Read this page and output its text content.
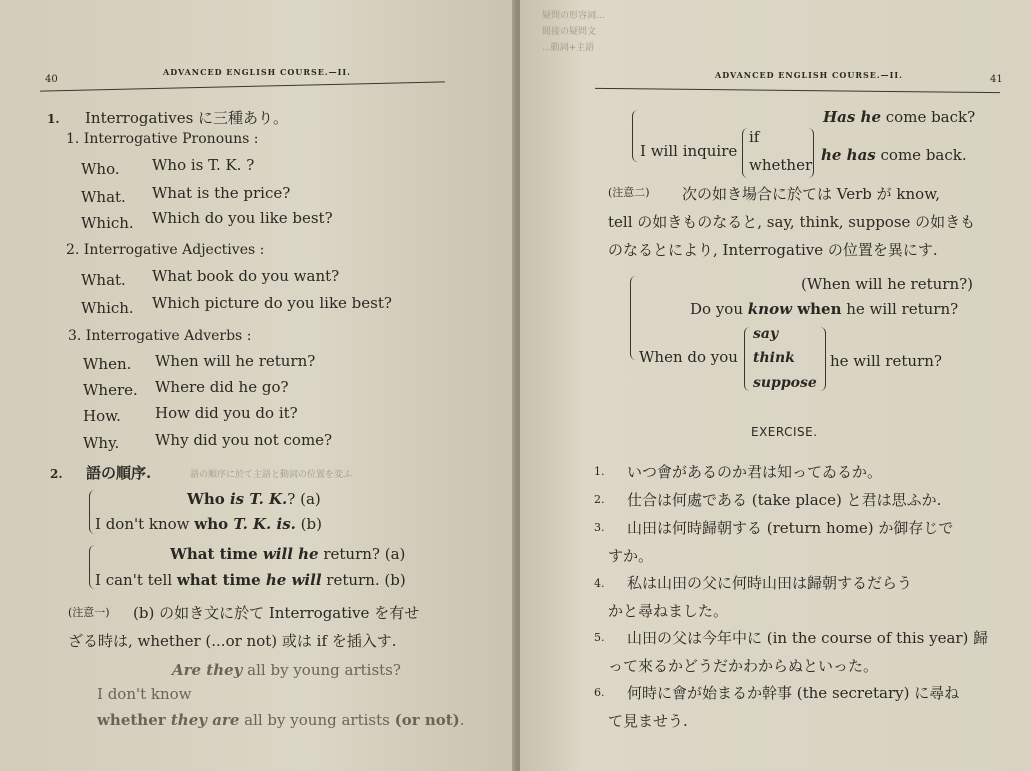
40
ADVANCED ENGLISH COURSE.—II.
1. Interrogatives に三種あり。
1. Interrogative Pronouns :
Who. Who is T. K. ?
What. What is the price?
Which. Which do you like best?
2. Interrogative Adjectives :
What. What book do you want?
Which. Which picture do you like best?
3. Interrogative Adverbs :
When. When will he return?
Where. Where did he go?
How. How did you do it?
Why. Why did you not come?
2. 語の順序.	語の順序に於て主語と動詞の位置を変ふ
Who is T. K.? (a)
I don't know who T. K. is. (b)
What time will he return? (a)
I can't tell what time he will return. (b)
(注意一) (b) の如き文に於て Interrogative を有せ
ざる時は, whether (...or not) 或は if を插入す.
Are they all by young artists?
I don't know
whether they are all by young artists (or not).
疑問の形容詞...
間接の疑問文
...動詞+主語
ADVANCED ENGLISH COURSE.—II.	41
Has he come back?
I will inquire
if
whether
he has come back.
(注意二) 次の如き場合に於ては Verb が know,
tell の如きものなると, say, think, suppose の如きも
のなるとにより, Interrogative の位置を異にす.
(When will he return?)
Do you know when he will return?
When do you
say
think
suppose
he will return?
EXERCISE.
1. いつ會があるのか君は知ってゐるか。
2. 仕合は何處である (take place) と君は思ふか.
3. 山田は何時歸朝する (return home) か御存じで
すか。
4. 私は山田の父に何時山田は歸朝するだらう
かと尋ねました。
5. 山田の父は今年中に (in the course of this year) 歸
って來るかどうだかわからぬといった。
6. 何時に會が始まるか幹事 (the secretary) に尋ね
て見ませう.
